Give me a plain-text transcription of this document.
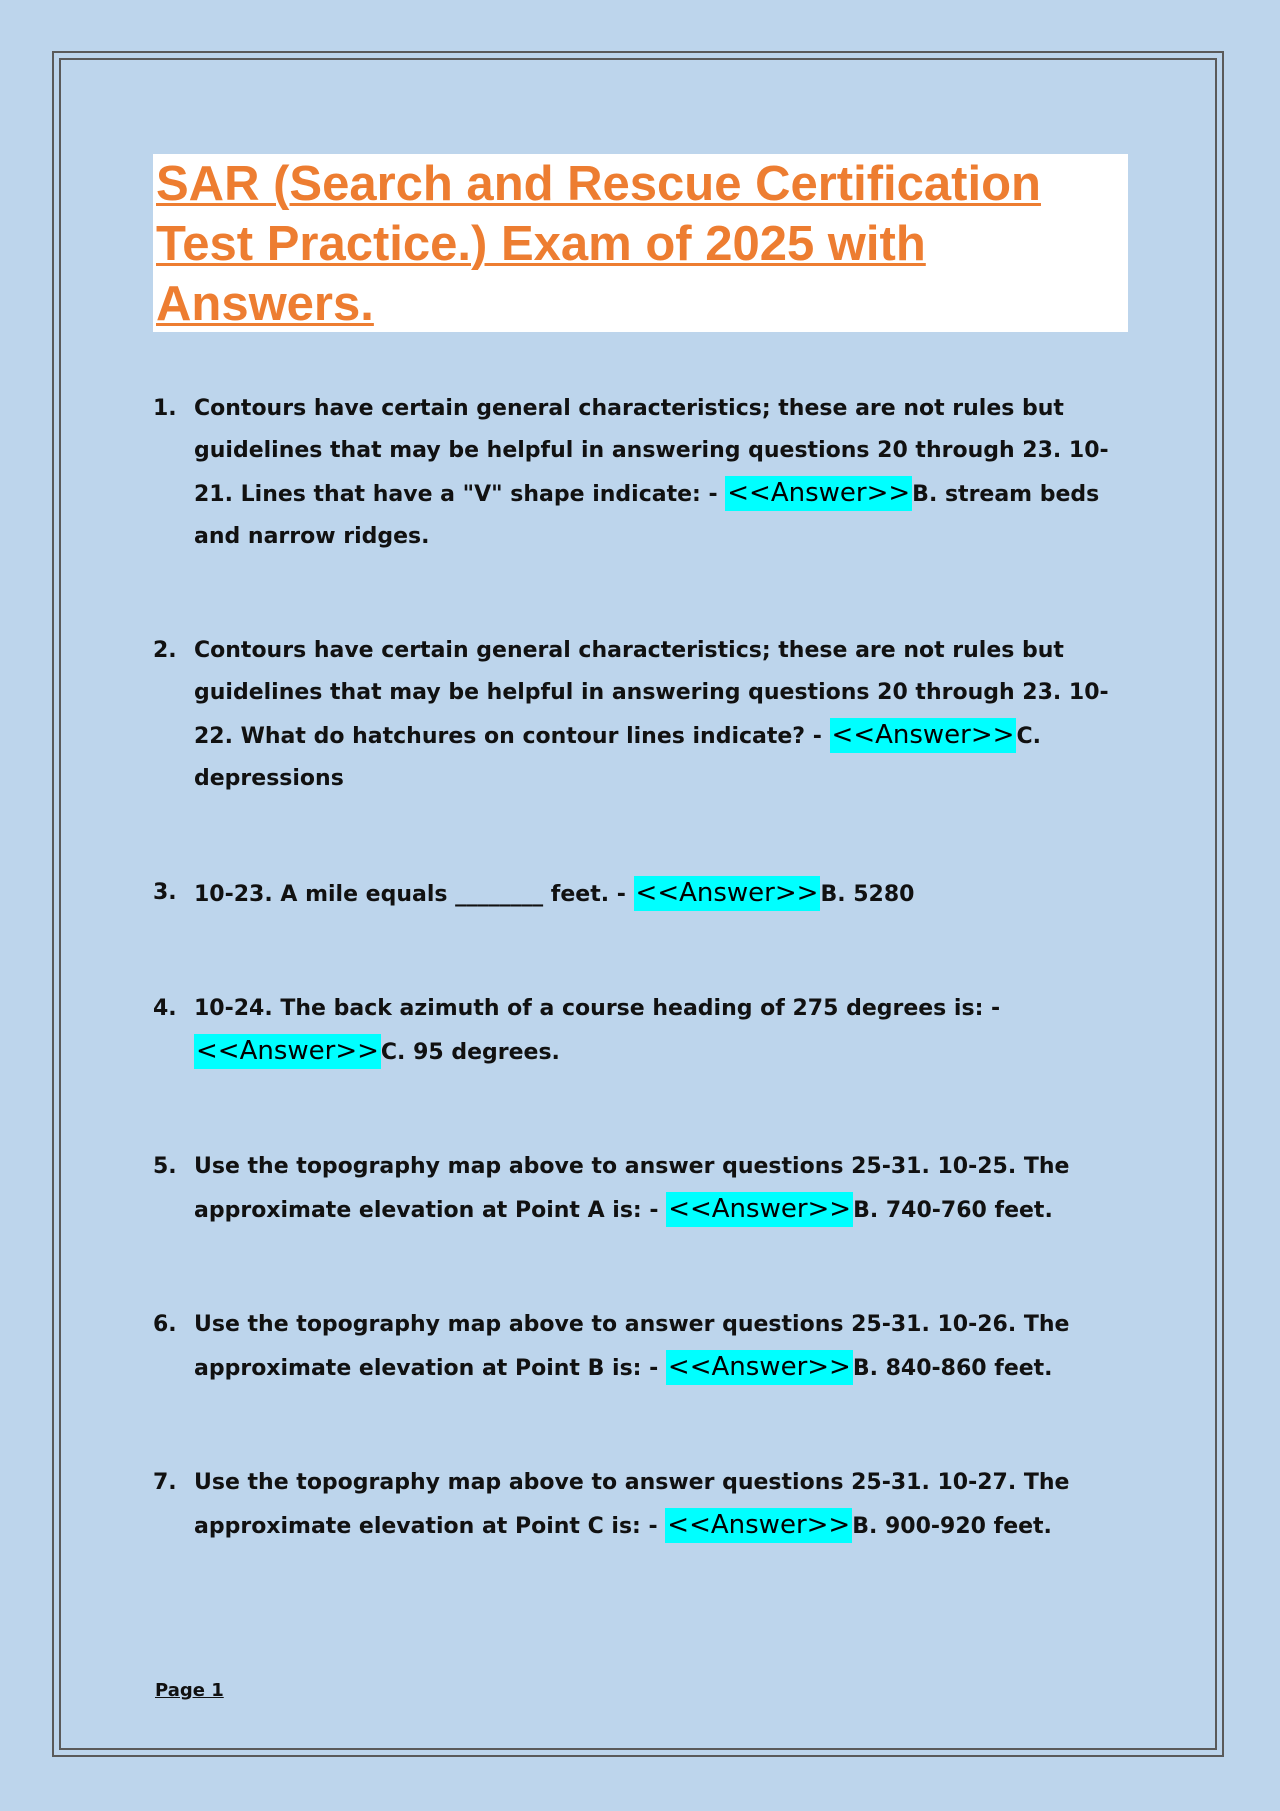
SAR (Search and Rescue Certification Test Practice.) Exam of 2025 with Answers.
1. Contours have certain general characteristics; these are not rules but guidelines that may be helpful in answering questions 20 through 23. 10-21. Lines that have a "V" shape indicate: - <<Answer>>B. stream beds and narrow ridges.
2. Contours have certain general characteristics; these are not rules but guidelines that may be helpful in answering questions 20 through 23. 10-22. What do hatchures on contour lines indicate? - <<Answer>>C. depressions
3. 10-23. A mile equals ________ feet. - <<Answer>>B. 5280
4. 10-24. The back azimuth of a course heading of 275 degrees is: - <<Answer>>C. 95 degrees.
5. Use the topography map above to answer questions 25-31. 10-25. The approximate elevation at Point A is: - <<Answer>>B. 740-760 feet.
6. Use the topography map above to answer questions 25-31. 10-26. The approximate elevation at Point B is: - <<Answer>>B. 840-860 feet.
7. Use the topography map above to answer questions 25-31. 10-27. The approximate elevation at Point C is: - <<Answer>>B. 900-920 feet.
Page 1
